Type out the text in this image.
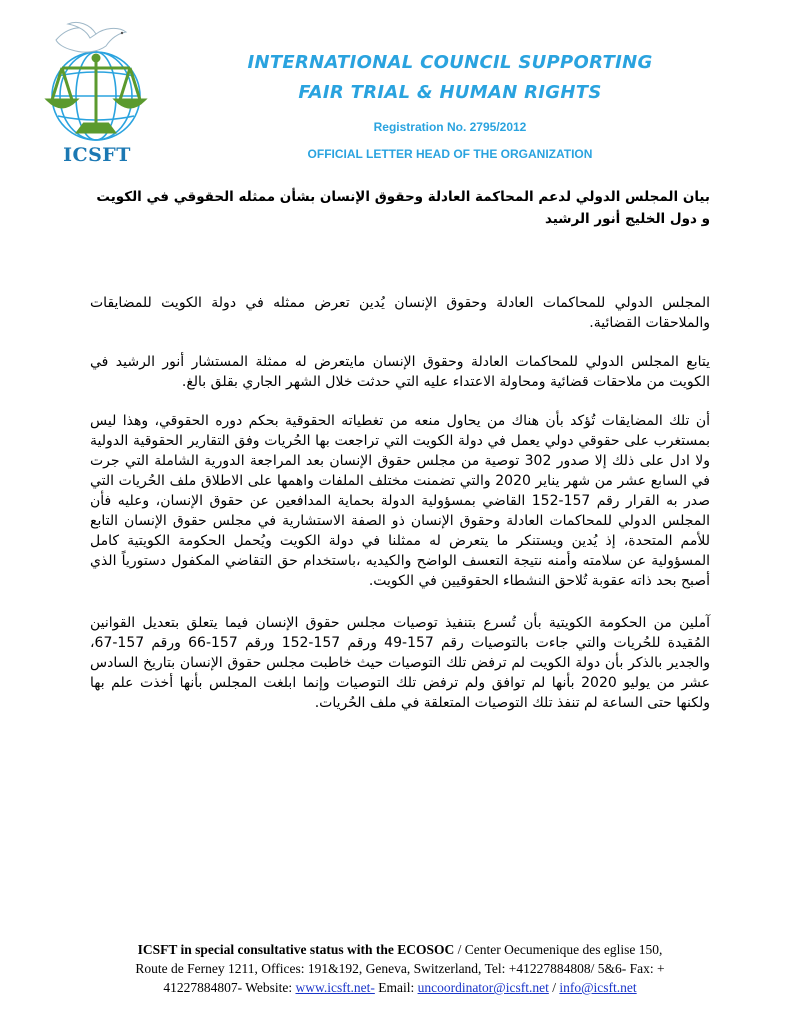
ICSFT
INTERNATIONAL COUNCIL SUPPORTING
FAIR TRIAL & HUMAN RIGHTS
Registration No. 2795/2012
OFFICIAL LETTER HEAD OF THE ORGANIZATION
بيان المجلس الدولي لدعم المحاكمة العادلة وحقوق الإنسان بشأن ممثله الحقوقي في الكويت و دول الخليج أنور الرشيد
المجلس الدولي للمحاكمات العادلة وحقوق الإنسان يُدين تعرض ممثله في دولة الكويت للمضايقات والملاحقات القضائية.
يتابع المجلس الدولي للمحاكمات العادلة وحقوق الإنسان مايتعرض له ممثلة المستشار أنور الرشيد في الكويت من ملاحقات قضائية ومحاولة الاعتداء عليه التي حدثت خلال الشهر الجاري بقلق بالغ.
أن تلك المضايقات تُؤكد بأن هناك من يحاول منعه من تغطياته الحقوقية بحكم دوره الحقوقي، وهذا ليس بمستغرب على حقوقي دولي يعمل في دولة الكويت التي تراجعت بها الحُريات وفق التقارير الحقوقية الدولية ولا ادل على ذلك إلا صدور 302 توصية من مجلس حقوق الإنسان بعد المراجعة الدورية الشاملة التي جرت في السابع عشر من شهر يناير 2020 والتي تضمنت مختلف الملفات واهمها على الاطلاق ملف الحُريات التي صدر به القرار رقم 157-152 القاضي بمسؤولية الدولة بحماية المدافعين عن حقوق الإنسان، وعليه فأن المجلس الدولي للمحاكمات العادلة وحقوق الإنسان ذو الصفة الاستشارية في مجلس حقوق الإنسان التابع للأمم المتحدة، إذ يُدين ويستنكر ما يتعرض له ممثلنا في دولة الكويت ويُحمل الحكومة الكويتية كامل المسؤولية عن سلامته وأمنه نتيجة التعسف الواضح والكيديه ،باستخدام حق التقاضي المكفول دستورياً الذي أصبح بحد ذاته عقوبة تُلاحق النشطاء الحقوقيين في الكويت.
آملين من الحكومة الكويتية بأن تُسرع بتنفيذ توصيات مجلس حقوق الإنسان فيما يتعلق بتعديل القوانين المُقيدة للحُريات والتي جاءت بالتوصيات رقم 157-49 ورقم 157-152 ورقم 157-66 ورقم 157-67، والجدير بالذكر بأن دولة الكويت لم ترفض تلك التوصيات حيث خاطبت مجلس حقوق الإنسان بتاريخ السادس عشر من يوليو 2020 بأنها لم توافق ولم ترفض تلك التوصيات وإنما ابلغت المجلس بأنها أخذت علم بها ولكنها حتى الساعة لم تنفذ تلك التوصيات المتعلقة في ملف الحُريات.
ICSFT in special consultative status with the ECOSOC / Center Oecumenique des eglise 150,
Route de Ferney 1211, Offices: 191&192, Geneva, Switzerland, Tel: +41227884808/ 5&6- Fax: +
41227884807- Website: www.icsft.net- Email: uncoordinator@icsft.net / info@icsft.net
